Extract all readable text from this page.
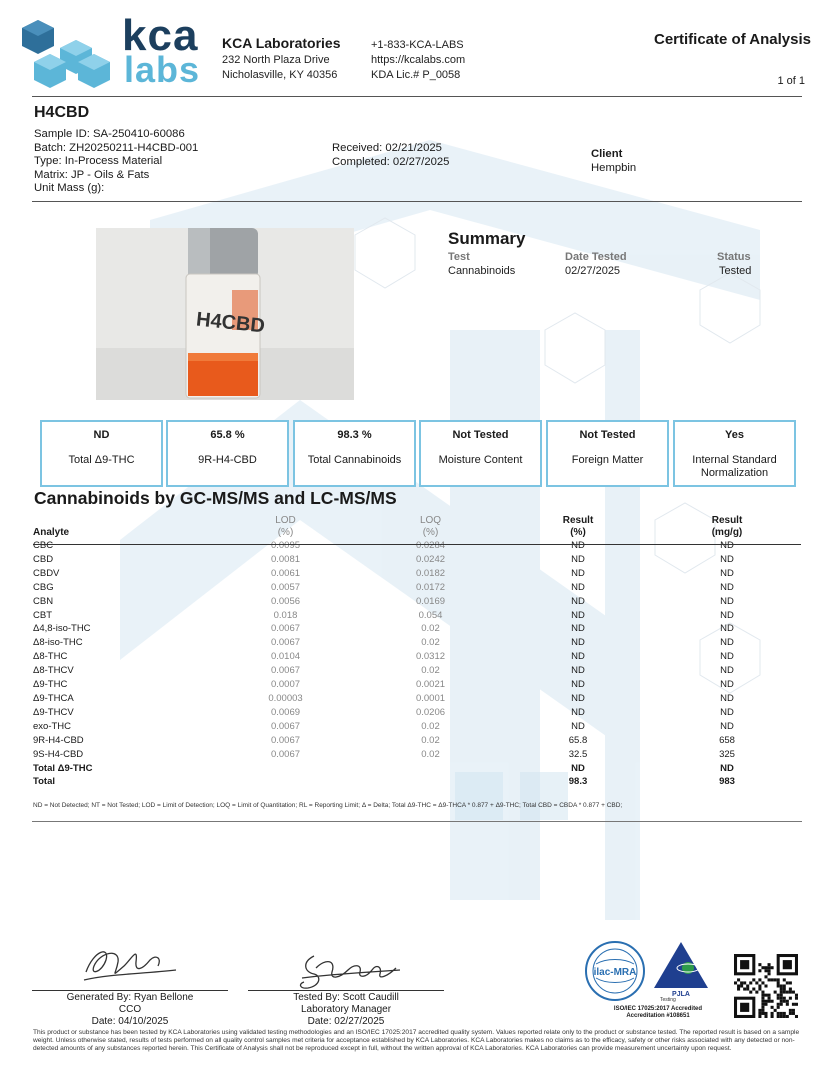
kca
labs
KCA Laboratories
232 North Plaza Drive
Nicholasville, KY 40356
+1-833-KCA-LABS
https://kcalabs.com
KDA Lic.# P_0058
Certificate of Analysis
1 of 1
H4CBD
Sample ID: SA-250410-60086
Batch: ZH20250211-H4CBD-001
Type: In-Process Material
Matrix: JP - Oils & Fats
Unit Mass (g):
Received: 02/21/2025
Completed: 02/27/2025
Client
Hempbin
H4CBD
Summary
Test	Date Tested	Status
Cannabinoids	02/27/2025	Tested
ND
Total Δ9-THC
65.8 %
9R-H4-CBD
98.3 %
Total Cannabinoids
Not Tested
Moisture Content
Not Tested
Foreign Matter
Yes
Internal Standard Normalization
Cannabinoids by GC-MS/MS and LC-MS/MS
Analyte	LOD	LOQ	Result	Result
	(%)	(%)	(%)	(mg/g)
CBC	0.0095	0.0284	ND	ND
CBD	0.0081	0.0242	ND	ND
CBDV	0.0061	0.0182	ND	ND
CBG	0.0057	0.0172	ND	ND
CBN	0.0056	0.0169	ND	ND
CBT	0.018	0.054	ND	ND
Δ4,8-iso-THC	0.0067	0.02	ND	ND
Δ8-iso-THC	0.0067	0.02	ND	ND
Δ8-THC	0.0104	0.0312	ND	ND
Δ8-THCV	0.0067	0.02	ND	ND
Δ9-THC	0.0007	0.0021	ND	ND
Δ9-THCA	0.00003	0.0001	ND	ND
Δ9-THCV	0.0069	0.0206	ND	ND
exo-THC	0.0067	0.02	ND	ND
9R-H4-CBD	0.0067	0.02	65.8	658
9S-H4-CBD	0.0067	0.02	32.5	325
Total Δ9-THC			ND	ND
Total			98.3	983
ND = Not Detected; NT = Not Tested; LOD = Limit of Detection; LOQ = Limit of Quantitation; RL = Reporting Limit; Δ = Delta; Total Δ9-THC = Δ9-THCA * 0.877 + Δ9-THC; Total CBD = CBDA * 0.877 + CBD;
Generated By: Ryan Bellone
CCO
Date: 04/10/2025
Tested By: Scott Caudill
Laboratory Manager
Date: 02/27/2025
ilac-MRA
PJLA
Testing
ISO/IEC 17025:2017 Accredited
Accreditation #108651
This product or substance has been tested by KCA Laboratories using validated testing methodologies and an ISO/IEC 17025:2017 accredited quality system. Values reported relate only to the product or substance tested. The reported result is based on a sample weight. Unless otherwise stated, results of tests performed on all quality control samples met criteria for acceptance established by KCA Laboratories. KCA Laboratories makes no claims as to the efficacy, safety or other risks associated with any detected or non-detected amounts of any substances reported herein. This Certificate of Analysis shall not be reproduced except in full, without the written approval of KCA Laboratories. KCA Laboratories can provide measurement uncertainty upon request.
